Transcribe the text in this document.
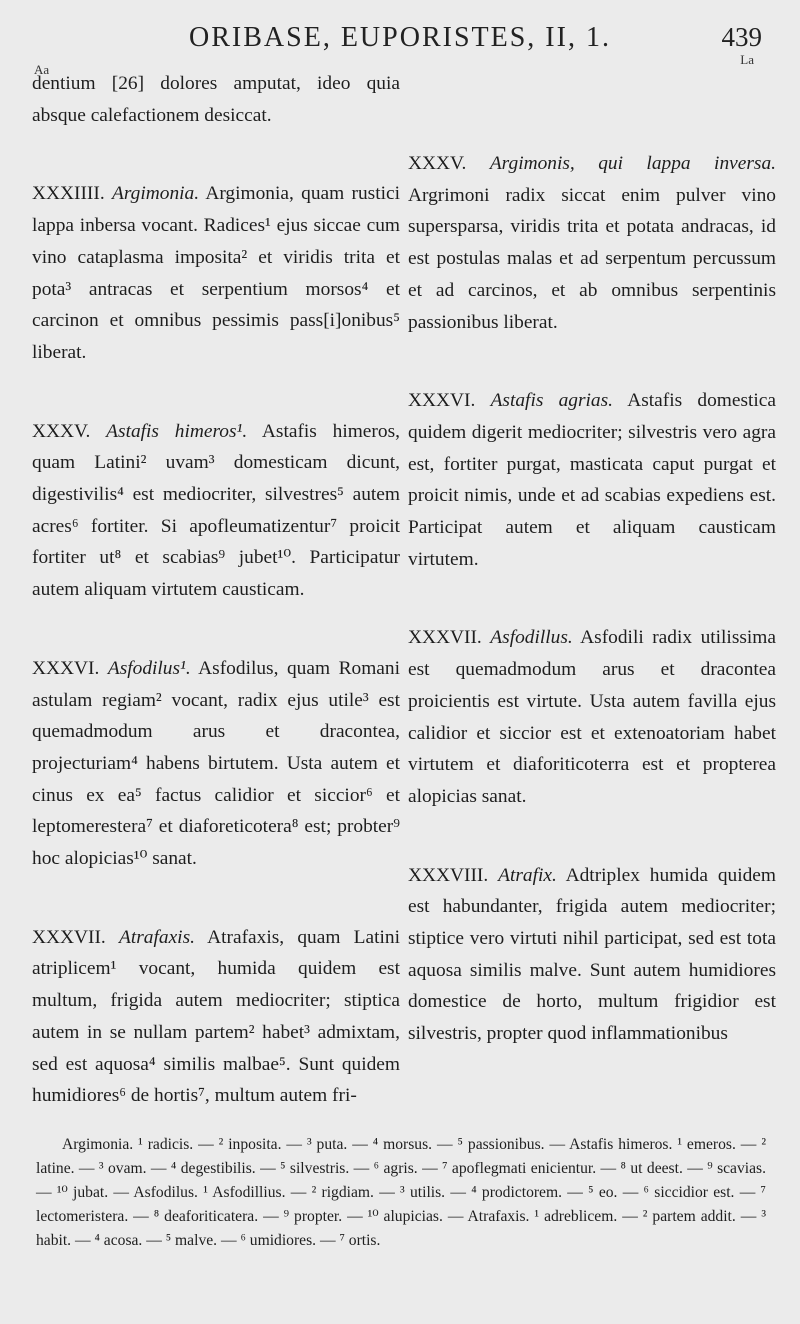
ORIBASE, EUPORISTES, II, 1.	439
Aa
La

dentium [26] dolores amputat, ideo quia absque calefactionem desiccat.

XXXIIII. Argimonia. Argimonia, quam rustici lappa inbersa vocant. Radices¹ ejus siccae cum vino cataplasma imposita² et viridis trita et pota³ antracas et serpentium morsos⁴ et carcinon et omnibus pessimis pass[i]onibus⁵ liberat.

XXXV. Astafis himeros¹. Astafis himeros, quam Latini² uvam³ domesticam dicunt, digestivilis⁴ est mediocriter, silvestres⁵ autem acres⁶ fortiter. Si apofleumatizentur⁷ proicit fortiter ut⁸ et scabias⁹ jubet¹⁰. Participatur autem aliquam virtutem causticam.

XXXVI. Asfodilus¹. Asfodilus, quam Romani astulam regiam² vocant, radix ejus utile³ est quemadmodum arus et dracontea, projecturiam⁴ habens birtutem. Usta autem et cinus ex ea⁵ factus calidior et siccior⁶ et leptomerestera⁷ et diaforeticotera⁸ est; probter⁹ hoc alopicias¹⁰ sanat.

XXXVII. Atrafaxis. Atrafaxis, quam Latini atriplicem¹ vocant, humida quidem est multum, frigida autem mediocriter; stiptica autem in se nullam partem² habet³ admixtam, sed est aquosa⁴ similis malbae⁵. Sunt quidem humidiores⁶ de hortis⁷, multum autem fri-

XXXV. Argimonis, qui lappa inversa. Argrimoni radix siccat enim pulver vino supersparsa, viridis trita et potata andracas, id est postulas malas et ad serpentum percussum et ad carcinos, et ab omnibus serpentinis passionibus liberat.

XXXVI. Astafis agrias. Astafis domestica quidem digerit mediocriter; silvestris vero agra est, fortiter purgat, masticata caput purgat et proicit nimis, unde et ad scabias expediens est. Participat autem et aliquam causticam virtutem.

XXXVII. Asfodillus. Asfodili radix utilissima est quemadmodum arus et dracontea proicientis est virtute. Usta autem favilla ejus calidior et siccior est et extenoatoriam habet virtutem et diaforiticoterra est et propterea alopicias sanat.

XXXVIII. Atrafix. Adtriplex humida quidem est habundanter, frigida autem mediocriter; stiptice vero virtuti nihil participat, sed est tota aquosa similis malve. Sunt autem humidiores domestice de horto, multum frigidior est silvestris, propter quod inflammationibus

Argimonia. ¹ radicis. — ² inposita. — ³ puta. — ⁴ morsus. — ⁵ passionibus. — Astafis himeros. ¹ emeros. — ² latine. — ³ ovam. — ⁴ degestibilis. — ⁵ silvestris. — ⁶ agris. — ⁷ apoflegmati enicientur. — ⁸ ut deest. — ⁹ scavias. — ¹⁰ jubat. — Asfodilus. ¹ Asfodillius. — ² rigdiam. — ³ utilis. — ⁴ prodictorem. — ⁵ eo. — ⁶ siccidior est. — ⁷ lectomeristera. — ⁸ deaforiticatera. — ⁹ propter. — ¹⁰ alupicias. — Atrafaxis. ¹ adreblicem. — ² partem addit. — ³ habit. — ⁴ acosa. — ⁵ malve. — ⁶ umidiores. — ⁷ ortis.
